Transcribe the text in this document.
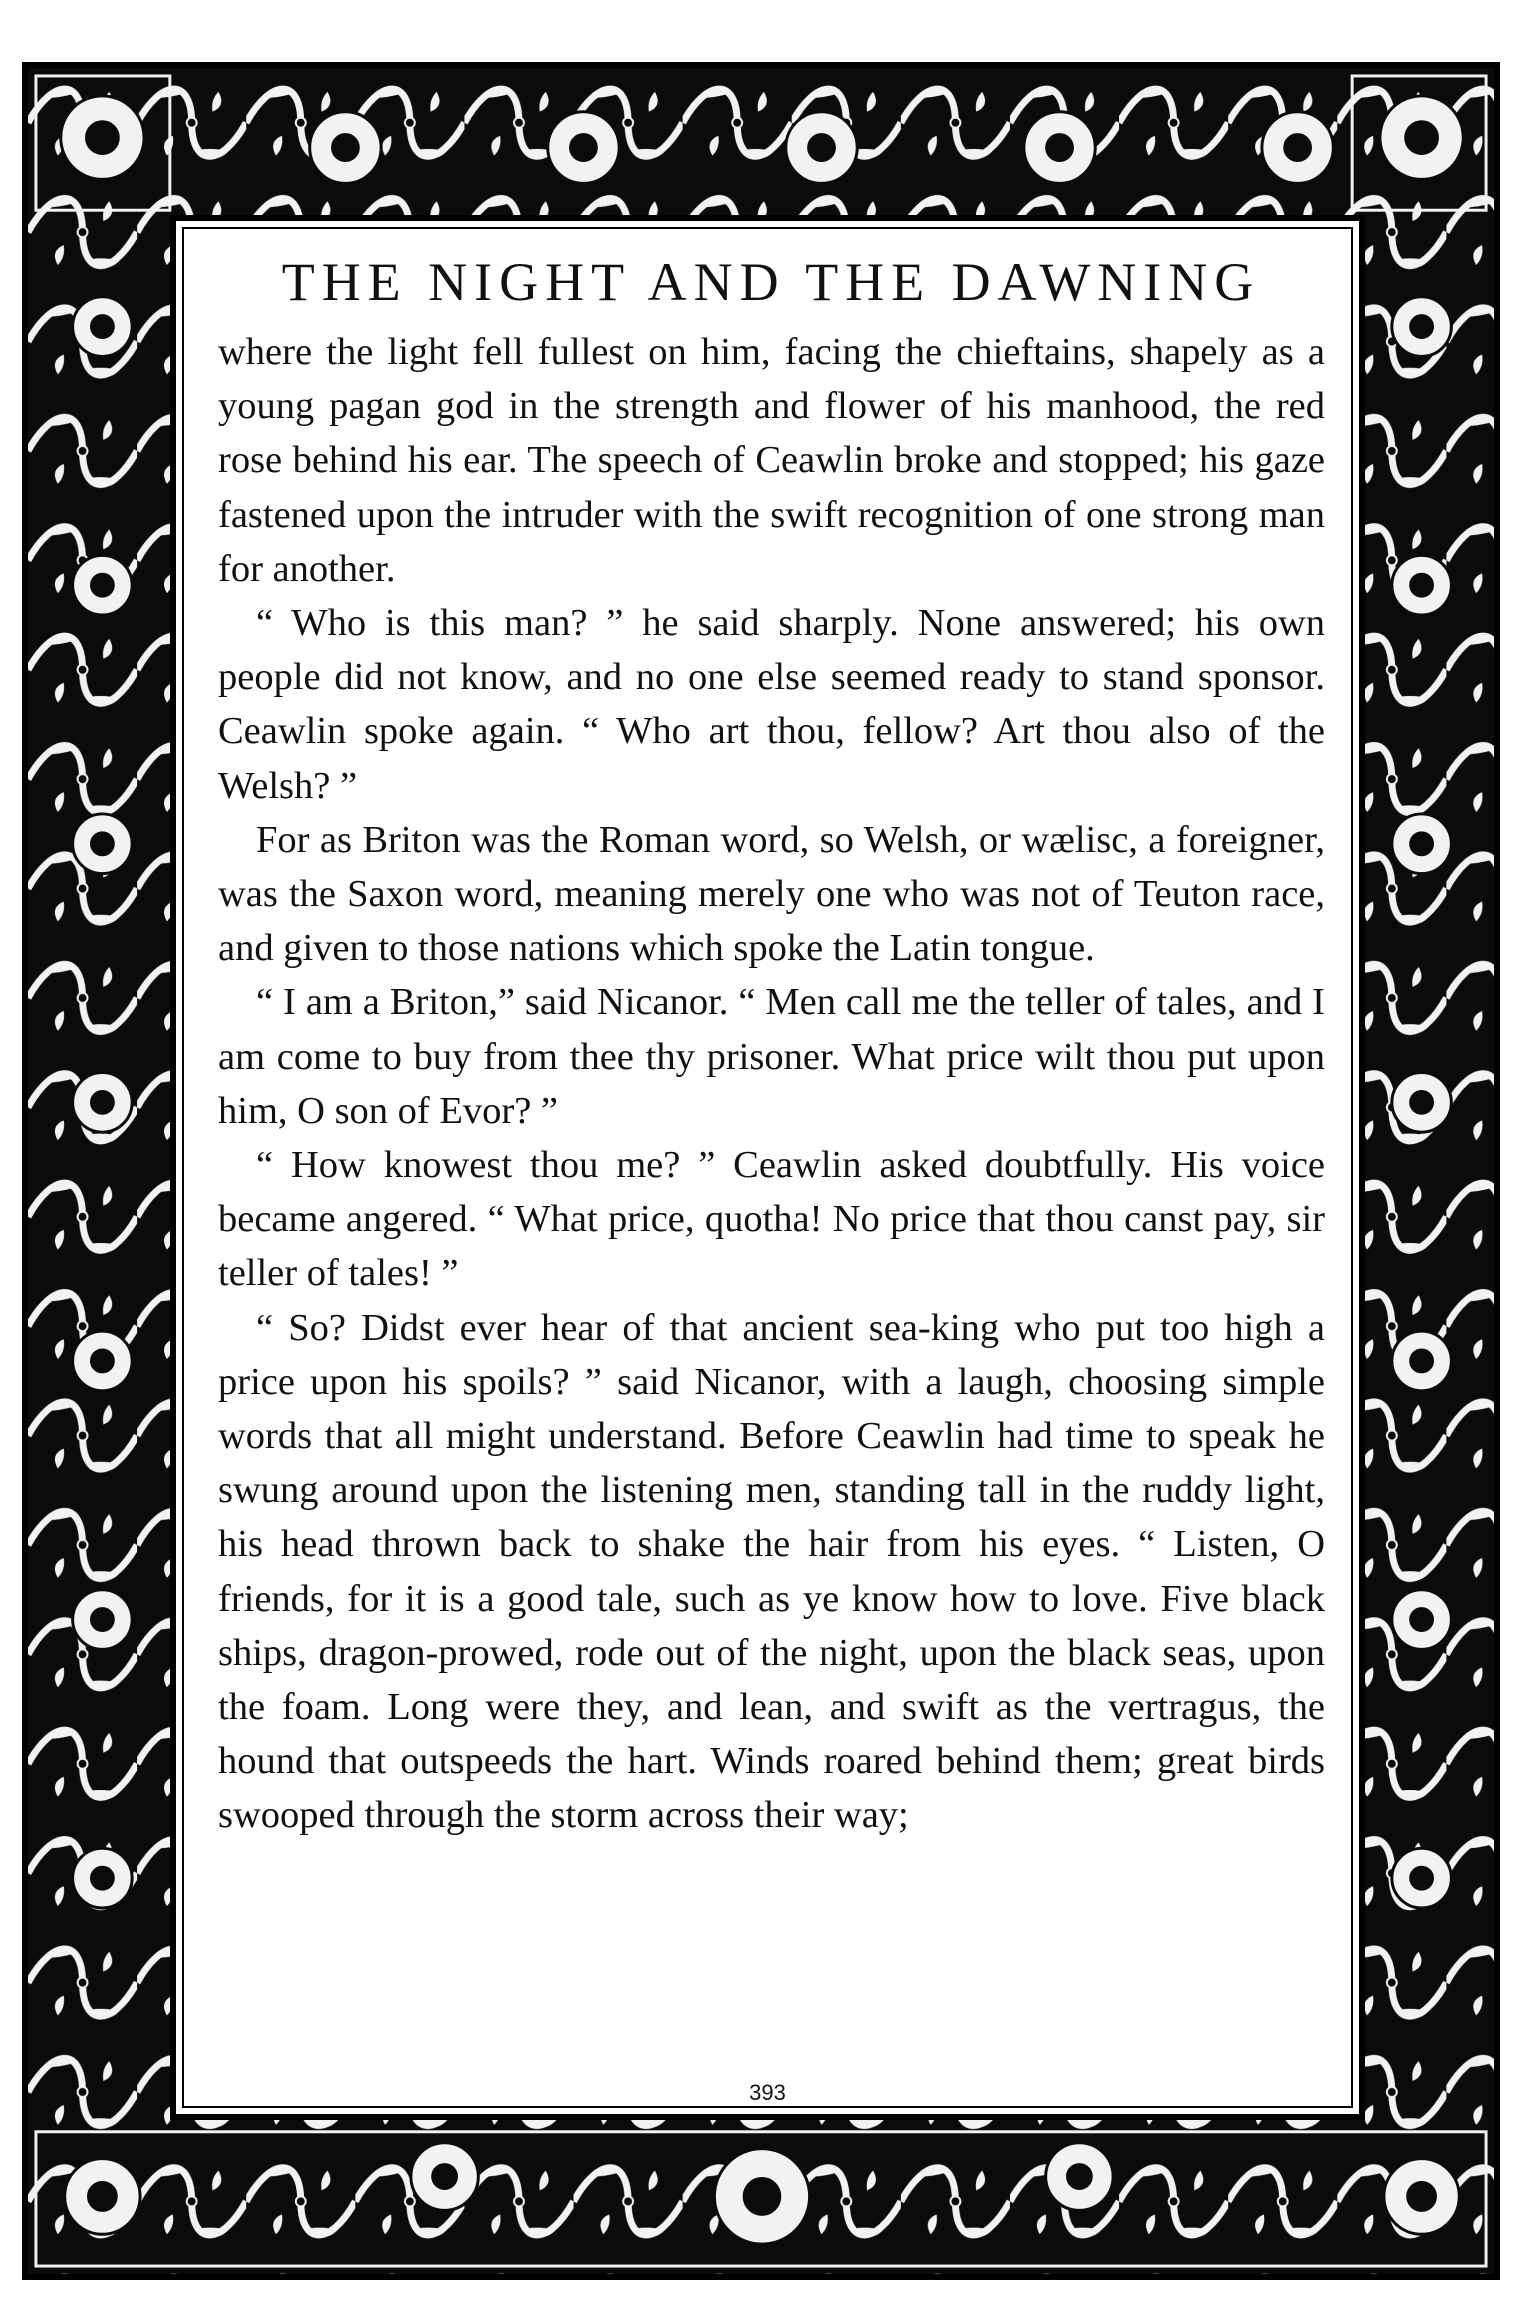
THE NIGHT AND THE DAWNING

where the light fell fullest on him, facing the chieftains, shapely as a young pagan god in the strength and flower of his manhood, the red rose behind his ear. The speech of Ceawlin broke and stopped; his gaze fastened upon the intruder with the swift recognition of one strong man for another.

“ Who is this man? ” he said sharply. None answered; his own people did not know, and no one else seemed ready to stand sponsor. Ceawlin spoke again. “ Who art thou, fellow? Art thou also of the Welsh? ”

For as Briton was the Roman word, so Welsh, or wælisc, a foreigner, was the Saxon word, meaning merely one who was not of Teuton race, and given to those nations which spoke the Latin tongue.

“ I am a Briton,” said Nicanor. “ Men call me the teller of tales, and I am come to buy from thee thy prisoner. What price wilt thou put upon him, O son of Evor? ”

“ How knowest thou me? ” Ceawlin asked doubtfully. His voice became angered. “ What price, quotha! No price that thou canst pay, sir teller of tales! ”

“ So? Didst ever hear of that ancient sea-king who put too high a price upon his spoils? ” said Nicanor, with a laugh, choosing simple words that all might understand. Before Ceawlin had time to speak he swung around upon the listening men, standing tall in the ruddy light, his head thrown back to shake the hair from his eyes. “ Listen, O friends, for it is a good tale, such as ye know how to love. Five black ships, dragon-prowed, rode out of the night, upon the black seas, upon the foam. Long were they, and lean, and swift as the vertragus, the hound that outspeeds the hart. Winds roared behind them; great birds swooped through the storm across their way;

393
